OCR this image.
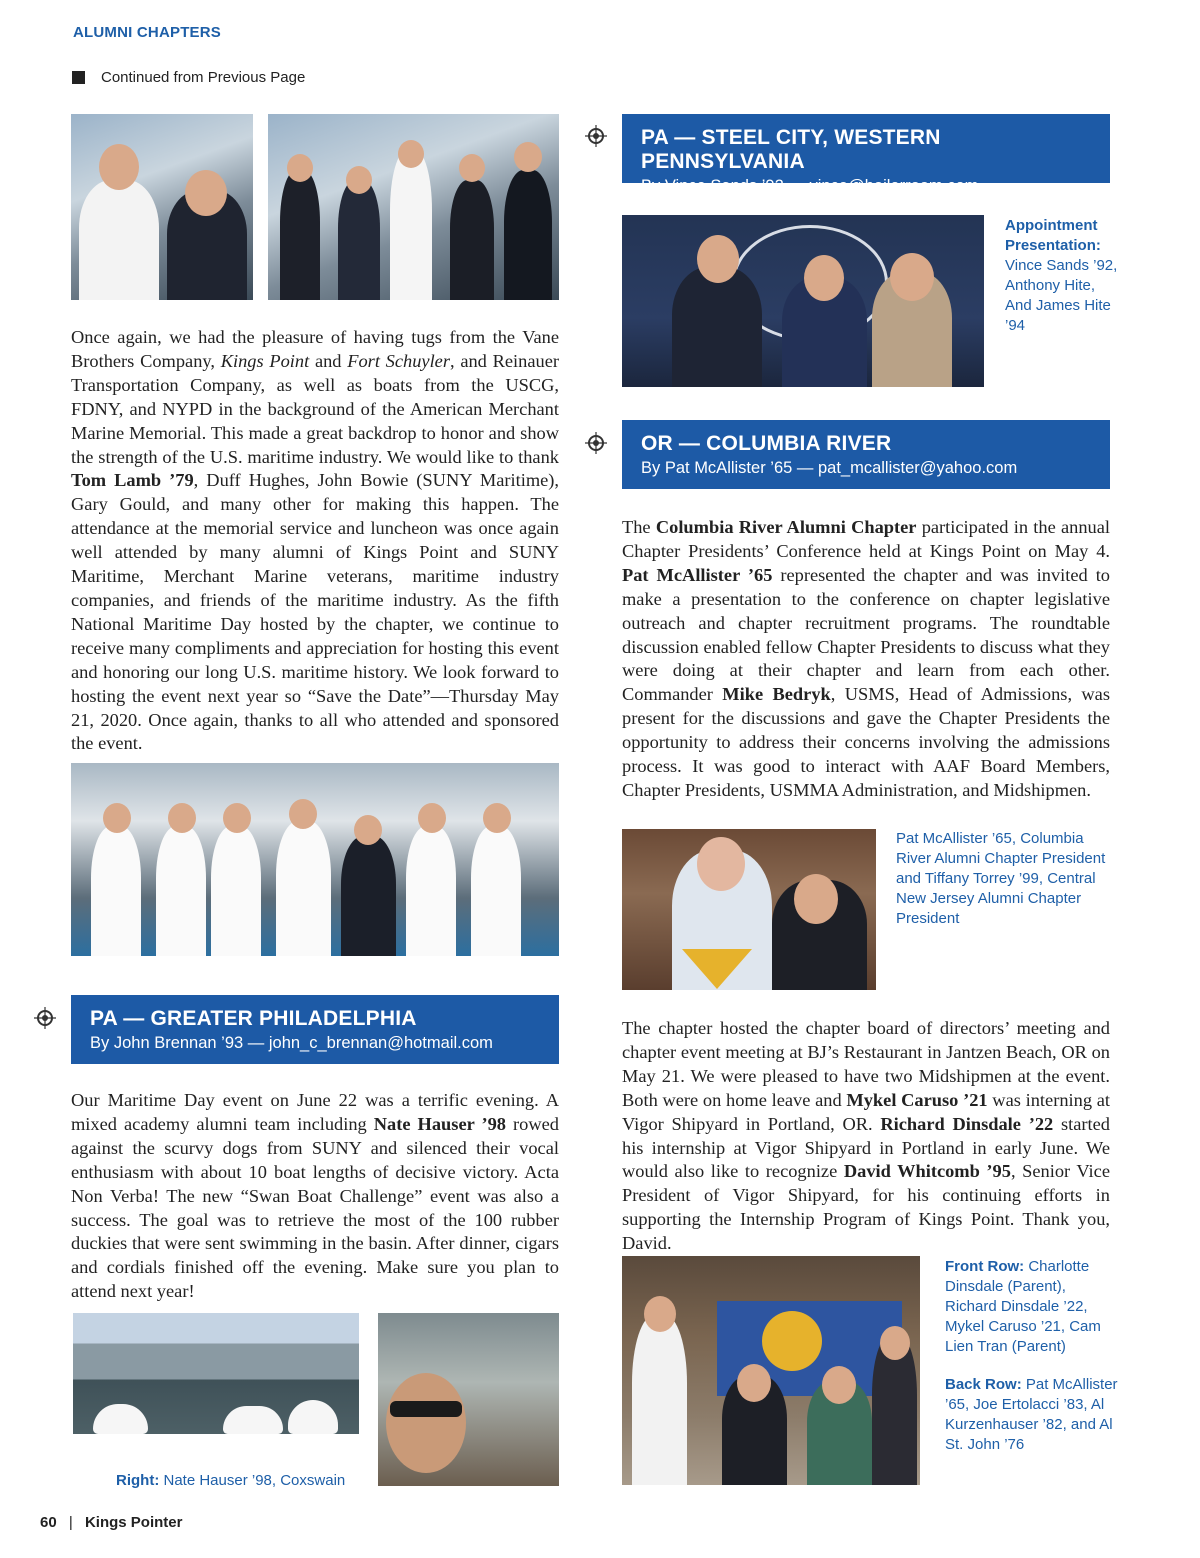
ALUMNI CHAPTERS
Continued from Previous Page

Once again, we had the pleasure of having tugs from the Vane Brothers Company, Kings Point and Fort Schuyler, and Reinauer Transportation Company, as well as boats from the USCG, FDNY, and NYPD in the background of the American Merchant Marine Memorial. This made a great backdrop to honor and show the strength of the U.S. maritime industry. We would like to thank Tom Lamb ’79, Duff Hughes, John Bowie (SUNY Maritime), Gary Gould, and many other for making this happen. The attendance at the memorial service and luncheon was once again well attended by many alumni of Kings Point and SUNY Maritime, Merchant Marine veterans, maritime industry companies, and friends of the maritime industry. As the fifth National Maritime Day hosted by the chapter, we continue to receive many compliments and appreciation for hosting this event and honoring our long U.S. maritime history. We look forward to hosting the event next year so “Save the Date”—Thursday May 21, 2020. Once again, thanks to all who attended and sponsored the event.

PA — GREATER PHILADELPHIA
By John Brennan ’93 — john_c_brennan@hotmail.com

Our Maritime Day event on June 22 was a terrific evening. A mixed academy alumni team including Nate Hauser ’98 rowed against the scurvy dogs from SUNY and silenced their vocal enthusiasm with about 10 boat lengths of decisive victory. Acta Non Verba! The new “Swan Boat Challenge” event was also a success. The goal was to retrieve the most of the 100 rubber duckies that were sent swimming in the basin. After dinner, cigars and cordials finished off the evening. Make sure you plan to attend next year!

Right: Nate Hauser ’98, Coxswain
PA — STEEL CITY, WESTERN PENNSYLVANIA
By Vince Sands ’92 — vince@boilerroom.com
Appointment Presentation:
Vince Sands ’92, Anthony Hite, And James Hite ’94
OR — COLUMBIA RIVER
By Pat McAllister ’65 — pat_mcallister@yahoo.com

The Columbia River Alumni Chapter participated in the annual Chapter Presidents’ Conference held at Kings Point on May 4. Pat McAllister ’65 represented the chapter and was invited to make a presentation to the conference on chapter legislative outreach and chapter recruitment programs. The roundtable discussion enabled fellow Chapter Presidents to discuss what they were doing at their chapter and learn from each other. Commander Mike Bedryk, USMS, Head of Admissions, was present for the discussions and gave the Chapter Presidents the opportunity to address their concerns involving the admissions process. It was good to interact with AAF Board Members, Chapter Presidents, USMMA Administration, and Midshipmen.

Pat McAllister ’65, Columbia River Alumni Chapter President and Tiffany Torrey ’99, Central New Jersey Alumni Chapter President

The chapter hosted the chapter board of directors’ meeting and chapter event meeting at BJ’s Restaurant in Jantzen Beach, OR on May 21. We were pleased to have two Midshipmen at the event. Both were on home leave and Mykel Caruso ’21 was interning at Vigor Shipyard in Portland, OR. Richard Dinsdale ’22 started his internship at Vigor Shipyard in Portland in early June. We would also like to recognize David Whitcomb ’95, Senior Vice President of Vigor Shipyard, for his continuing efforts in supporting the Internship Program of Kings Point. Thank you, David.

Front Row: Charlotte Dinsdale (Parent), Richard Dinsdale ’22, Mykel Caruso ’21, Cam Lien Tran (Parent)
Back Row: Pat McAllister ’65, Joe Ertolacci ’83, Al Kurzenhauser ’82, and Al St. John ’76
60 | Kings Pointer
